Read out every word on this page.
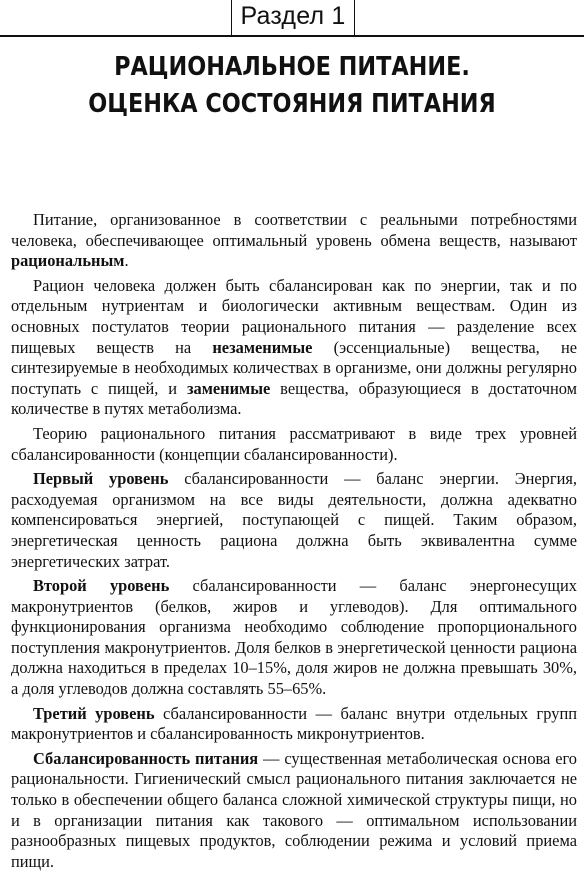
Раздел 1
РАЦИОНАЛЬНОЕ ПИТАНИЕ.
ОЦЕНКА СОСТОЯНИЯ ПИТАНИЯ

Питание, организованное в соответствии с реальными потребностями человека, обеспечивающее оптимальный уровень обмена веществ, называют рациональным.

Рацион человека должен быть сбалансирован как по энергии, так и по отдельным нутриентам и биологически активным веществам. Один из основных постулатов теории рационального питания — разделение всех пищевых веществ на незаменимые (эссенциальные) вещества, не синтезируемые в необходимых количествах в организме, они должны регулярно поступать с пищей, и заменимые вещества, образующиеся в достаточном количестве в путях метаболизма.

Теорию рационального питания рассматривают в виде трех уровней сбалансированности (концепции сбалансированности).

Первый уровень сбалансированности — баланс энергии. Энергия, расходуемая организмом на все виды деятельности, должна адекватно компенсироваться энергией, поступающей с пищей. Таким образом, энергетическая ценность рациона должна быть эквивалентна сумме энергетических затрат.

Второй уровень сбалансированности — баланс энергонесущих макронутриентов (белков, жиров и углеводов). Для оптимального функционирования организма необходимо соблюдение пропорционального поступления макронутриентов. Доля белков в энергетической ценности рациона должна находиться в пределах 10–15%, доля жиров не должна превышать 30%, а доля углеводов должна составлять 55–65%.

Третий уровень сбалансированности — баланс внутри отдельных групп макронутриентов и сбалансированность микронутриентов.

Сбалансированность питания — существенная метаболическая основа его рациональности. Гигиенический смысл рационального питания заключается не только в обеспечении общего баланса сложной химической структуры пищи, но и в организации питания как такового — оптимальном использовании разнообразных пищевых продуктов, соблюдении режима и условий приема пищи.
